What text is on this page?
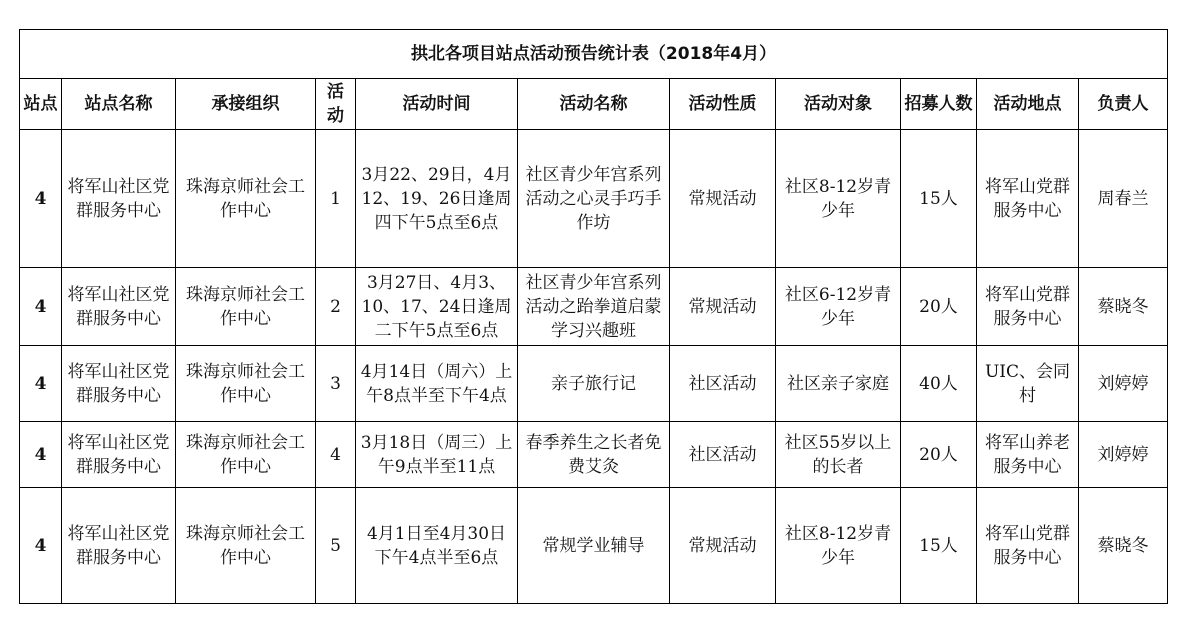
拱北各项目站点活动预告统计表（2018年4月）										
站点	站点名称	承接组织	活动	活动时间	活动名称	活动性质	活动对象	招募人数	活动地点	负责人
4	将军山社区党群服务中心	珠海京师社会工作中心	1	3月22、29日，4月12、19、26日逢周四下午5点至6点	社区青少年宫系列活动之心灵手巧手作坊	常规活动	社区8-12岁青少年	15人	将军山党群服务中心	周春兰
4	将军山社区党群服务中心	珠海京师社会工作中心	2	3月27日、4月3、10、17、24日逢周二下午5点至6点	社区青少年宫系列活动之跆拳道启蒙学习兴趣班	常规活动	社区6-12岁青少年	20人	将军山党群服务中心	蔡晓冬
4	将军山社区党群服务中心	珠海京师社会工作中心	3	4月14日（周六）上午8点半至下午4点	亲子旅行记	社区活动	社区亲子家庭	40人	UIC、会同村	刘婷婷
4	将军山社区党群服务中心	珠海京师社会工作中心	4	3月18日（周三）上午9点半至11点	春季养生之长者免费艾灸	社区活动	社区55岁以上的长者	20人	将军山养老服务中心	刘婷婷
4	将军山社区党群服务中心	珠海京师社会工作中心	5	4月1日至4月30日下午4点半至6点	常规学业辅导	常规活动	社区8-12岁青少年	15人	将军山党群服务中心	蔡晓冬
